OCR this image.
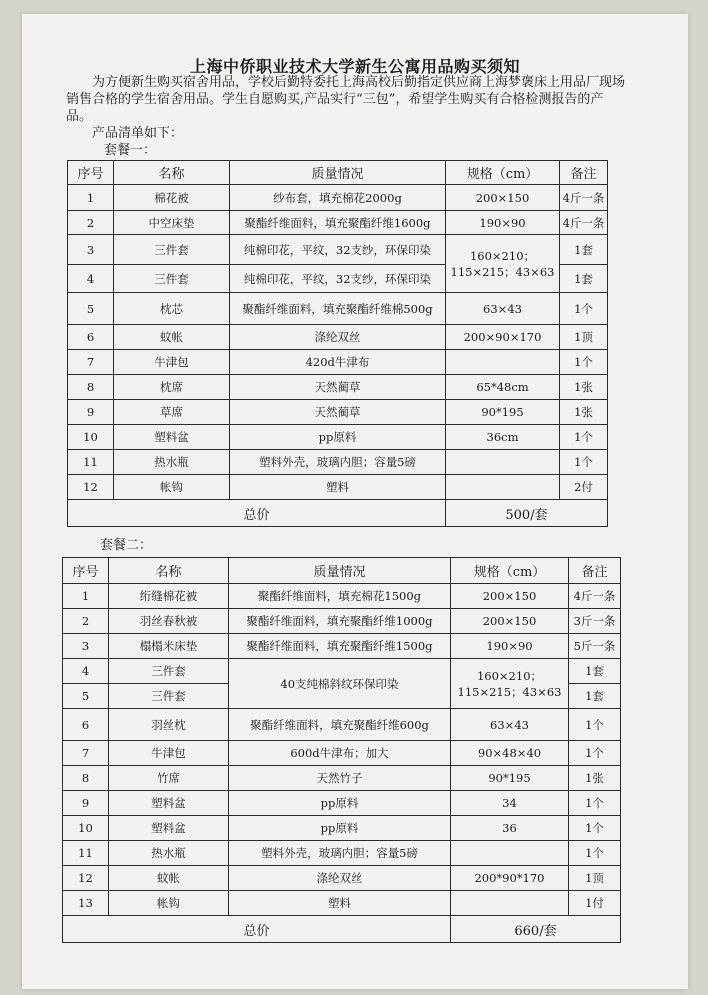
上海中侨职业技术大学新生公寓用品购买须知

为方便新生购买宿舍用品，学校后勤特委托上海高校后勤指定供应商上海梦褒床上用品厂现场销售合格的学生宿舍用品。学生自愿购买,产品实行“三包”，希望学生购买有合格检测报告的产品。

产品清单如下：
套餐一：
序号	名称	质量情况	规格（cm）	备注
1	棉花被	纱布套，填充棉花2000g	200×150	4斤一条
2	中空床垫	聚酯纤维面料，填充聚酯纤维1600g	190×90	4斤一条
3	三件套	纯棉印花，平纹，32支纱，环保印染	160×210；115×215；43×63	1套
4	三件套	纯棉印花，平纹，32支纱，环保印染		1套
5	枕芯	聚酯纤维面料，填充聚酯纤维棉500g	63×43	1个
6	蚊帐	涤纶双丝	200×90×170	1顶
7	牛津包	420d牛津布		1个
8	枕席	天然蔺草	65*48cm	1张
9	草席	天然蔺草	90*195	1张
10	塑料盆	pp原料	36cm	1个
11	热水瓶	塑料外壳，玻璃内胆；容量5磅		1个
12	帐钩	塑料		2付
总价			500/套	
套餐二：
序号	名称	质量情况	规格（cm）	备注
1	绗缝棉花被	聚酯纤维面料，填充棉花1500g	200×150	4斤一条
2	羽丝春秋被	聚酯纤维面料，填充聚酯纤维1000g	200×150	3斤一条
3	榻榻米床垫	聚酯纤维面料，填充聚酯纤维1500g	190×90	5斤一条
4	三件套	40支纯棉斜纹环保印染	160×210；115×215；43×63	1套
5	三件套			1套
6	羽丝枕	聚酯纤维面料，填充聚酯纤维600g	63×43	1个
7	牛津包	600d牛津布；加大	90×48×40	1个
8	竹席	天然竹子	90*195	1张
9	塑料盆	pp原料	34	1个
10	塑料盆	pp原料	36	1个
11	热水瓶	塑料外壳，玻璃内胆；容量5磅		1个
12	蚊帐	涤纶双丝	200*90*170	1顶
13	帐钩	塑料		1付
总价			660/套	
